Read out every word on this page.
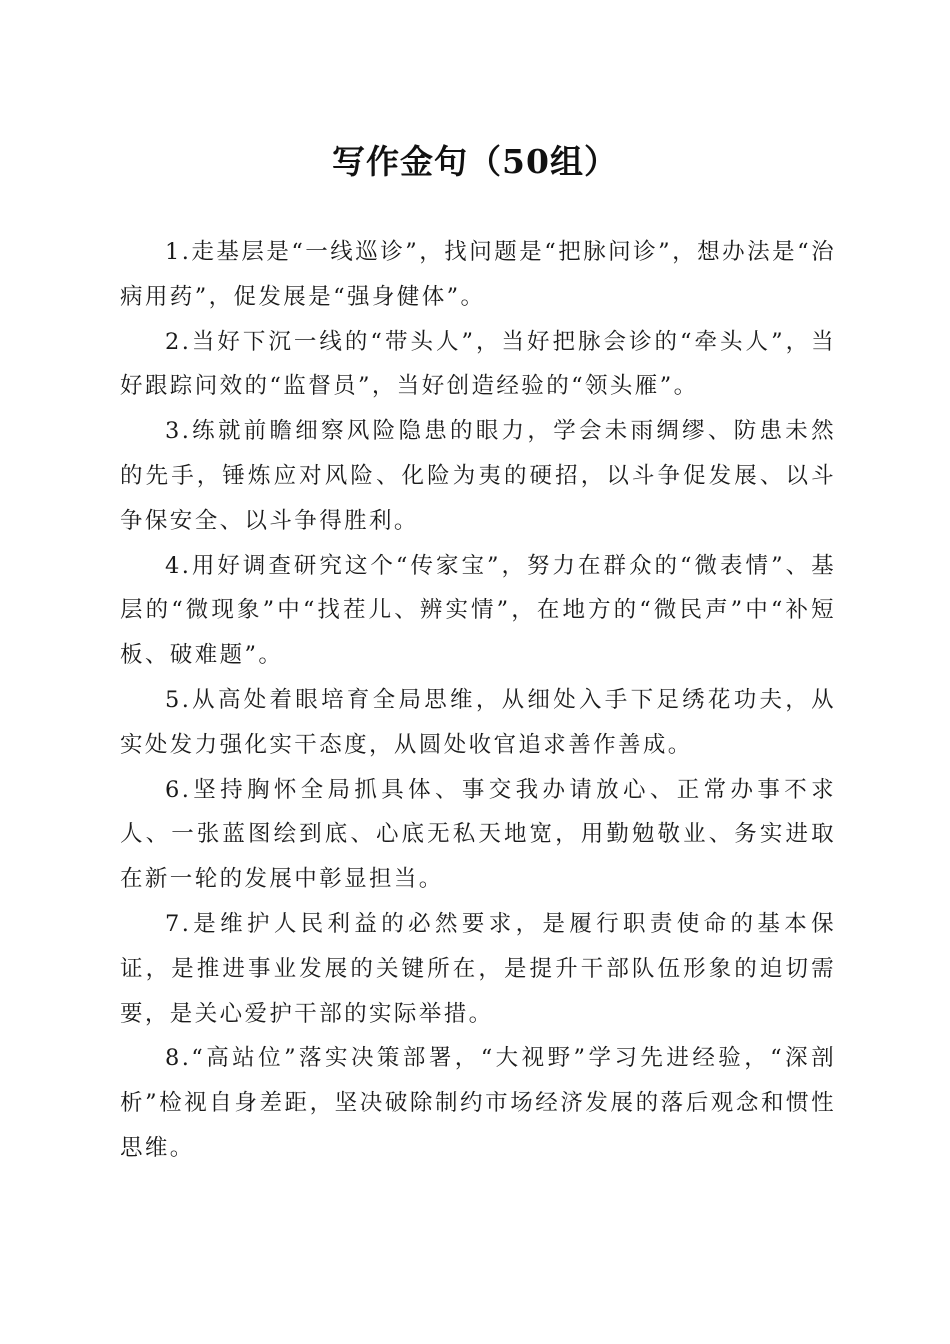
写作金句（50组）

1.走基层是“一线巡诊”，找问题是“把脉问诊”，想办法是“治病用药”，促发展是“强身健体”。

2.当好下沉一线的“带头人”，当好把脉会诊的“牵头人”，当好跟踪问效的“监督员”，当好创造经验的“领头雁”。

3.练就前瞻细察风险隐患的眼力，学会未雨绸缪、防患未然的先手，锤炼应对风险、化险为夷的硬招，以斗争促发展、以斗争保安全、以斗争得胜利。

4.用好调查研究这个“传家宝”，努力在群众的“微表情”、基层的“微现象”中“找茬儿、辨实情”，在地方的“微民声”中“补短板、破难题”。

5.从高处着眼培育全局思维，从细处入手下足绣花功夫，从实处发力强化实干态度，从圆处收官追求善作善成。

6.坚持胸怀全局抓具体、事交我办请放心、正常办事不求人、一张蓝图绘到底、心底无私天地宽，用勤勉敬业、务实进取在新一轮的发展中彰显担当。

7.是维护人民利益的必然要求，是履行职责使命的基本保证，是推进事业发展的关键所在，是提升干部队伍形象的迫切需要，是关心爱护干部的实际举措。

8.“高站位”落实决策部署，“大视野”学习先进经验，“深剖析”检视自身差距，坚决破除制约市场经济发展的落后观念和惯性思维。
